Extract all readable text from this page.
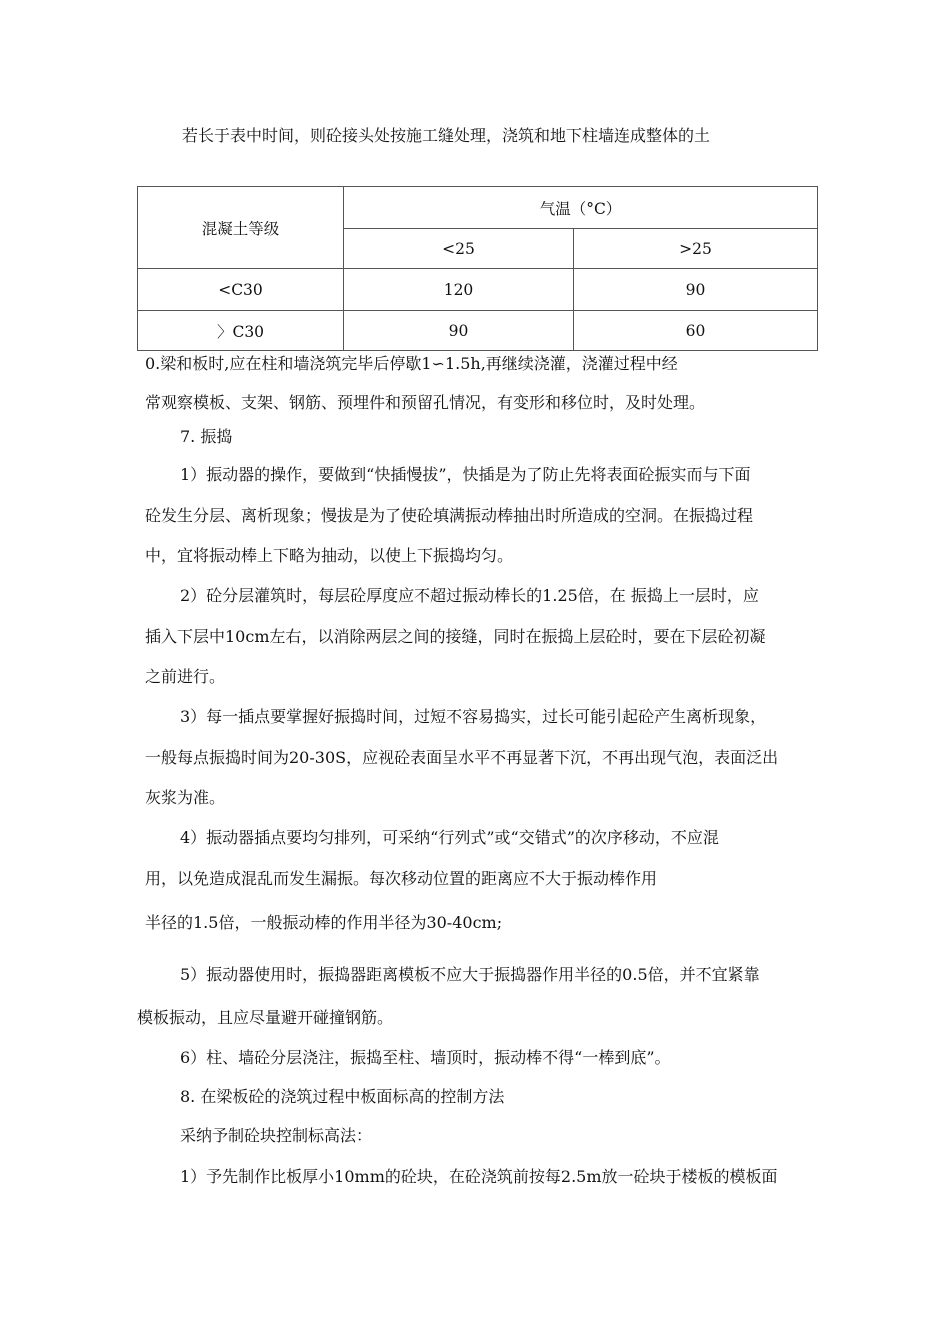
若长于表中时间，则砼接头处按施工缝处理，浇筑和地下柱墙连成整体的土
混凝土等级	气温（°C）	
	<25	>25
<C30	120	90
〉C30	90	60
0.梁和板时,应在柱和墙浇筑完毕后停歇1∽1.5h,再继续浇灌，浇灌过程中经
常观察模板、支架、钢筋、预埋件和预留孔情况，有变形和移位时，及时处理。
7. 振捣
1）振动器的操作，要做到“快插慢拔”，快插是为了防止先将表面砼振实而与下面
砼发生分层、离析现象；慢拔是为了使砼填满振动棒抽出时所造成的空洞。在振捣过程
中，宜将振动棒上下略为抽动，以使上下振捣均匀。
2）砼分层灌筑时，每层砼厚度应不超过振动棒长的1.25倍，在 振捣上一层时，应
插入下层中10cm左右，以消除两层之间的接缝，同时在振捣上层砼时，要在下层砼初凝
之前进行。
3）每一插点要掌握好振捣时间，过短不容易捣实，过长可能引起砼产生离析现象，
一般每点振捣时间为20-30S，应视砼表面呈水平不再显著下沉，不再出现气泡，表面泛出
灰浆为准。
4）振动器插点要均匀排列，可采纳“行列式”或“交错式”的次序移动，不应混
用，以免造成混乱而发生漏振。每次移动位置的距离应不大于振动棒作用
半径的1.5倍，一般振动棒的作用半径为30-40cm;
5）振动器使用时，振捣器距离模板不应大于振捣器作用半径的0.5倍，并不宜紧靠
模板振动，且应尽量避开碰撞钢筋。
6）柱、墙砼分层浇注，振捣至柱、墙顶时，振动棒不得“一棒到底”。
8. 在梁板砼的浇筑过程中板面标高的控制方法
采纳予制砼块控制标高法：
1）予先制作比板厚小10mm的砼块，在砼浇筑前按每2.5m放一砼块于楼板的模板面
